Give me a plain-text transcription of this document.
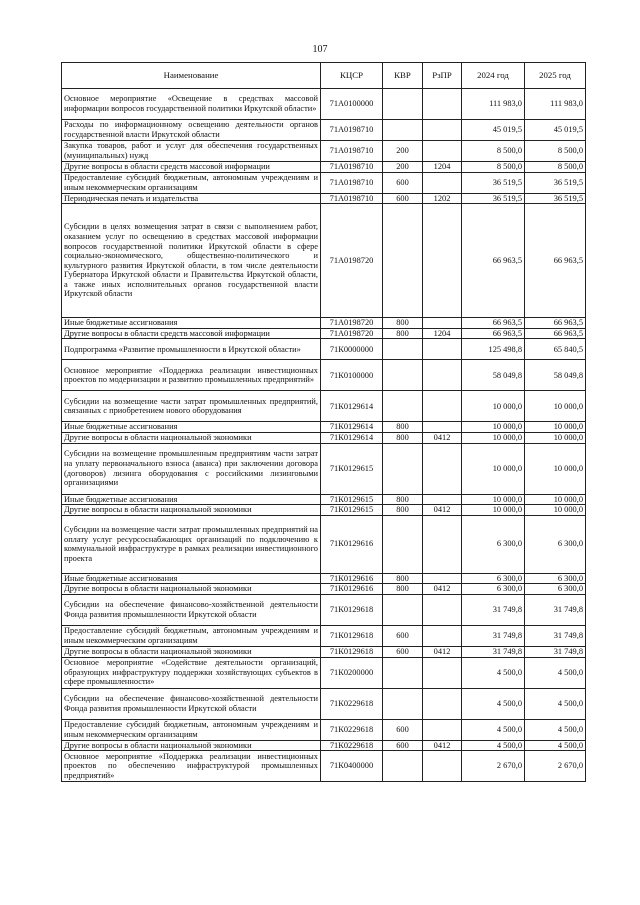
107
Наименование	КЦСР	КВР	РзПР	2024 год	2025 год
Основное мероприятие «Освещение в средствах массовой информации вопросов государственной политики Иркутской области»	71А0100000			111 983,0	111 983,0
Расходы по информационному освещению деятельности органов государственной власти Иркутской области	71А0198710			45 019,5	45 019,5
Закупка товаров, работ и услуг для обеспечения государственных (муниципальных) нужд	71А0198710	200		8 500,0	8 500,0
Другие вопросы в области средств массовой информации	71А0198710	200	1204	8 500,0	8 500,0
Предоставление субсидий бюджетным, автономным учреждениям и иным некоммерческим организациям	71А0198710	600		36 519,5	36 519,5
Периодическая печать и издательства	71А0198710	600	1202	36 519,5	36 519,5
Субсидии в целях возмещения затрат в связи с выполнением работ, оказанием услуг по освещению в средствах массовой информации вопросов государственной политики Иркутской области в сфере социально-экономического, общественно-политического и культурного развития Иркутской области, в том числе деятельности Губернатора Иркутской области и Правительства Иркутской области, а также иных исполнительных органов государственной власти Иркутской области	71А0198720			66 963,5	66 963,5
Иные бюджетные ассигнования	71А0198720	800		66 963,5	66 963,5
Другие вопросы в области средств массовой информации	71А0198720	800	1204	66 963,5	66 963,5
Подпрограмма «Развитие промышленности в Иркутской области»	71К0000000			125 498,8	65 840,5
Основное мероприятие «Поддержка реализации инвестиционных проектов по модернизации и развитию промышленных предприятий»	71К0100000			58 049,8	58 049,8
Субсидии на возмещение части затрат промышленных предприятий, связанных с приобретением нового оборудования	71К0129614			10 000,0	10 000,0
Иные бюджетные ассигнования	71К0129614	800		10 000,0	10 000,0
Другие вопросы в области национальной экономики	71К0129614	800	0412	10 000,0	10 000,0
Субсидии на возмещение промышленным предприятиям части затрат на уплату первоначального взноса (аванса) при заключении договора (договоров) лизинга оборудования с российскими лизинговыми организациями	71К0129615			10 000,0	10 000,0
Иные бюджетные ассигнования	71К0129615	800		10 000,0	10 000,0
Другие вопросы в области национальной экономики	71К0129615	800	0412	10 000,0	10 000,0
Субсидии на возмещение части затрат промышленных предприятий на оплату услуг ресурсоснабжающих организаций по подключению к коммунальной инфраструктуре в рамках реализации инвестиционного проекта	71К0129616			6 300,0	6 300,0
Иные бюджетные ассигнования	71К0129616	800		6 300,0	6 300,0
Другие вопросы в области национальной экономики	71К0129616	800	0412	6 300,0	6 300,0
Субсидии на обеспечение финансово-хозяйственной деятельности Фонда развития промышленности Иркутской области	71К0129618			31 749,8	31 749,8
Предоставление субсидий бюджетным, автономным учреждениям и иным некоммерческим организациям	71К0129618	600		31 749,8	31 749,8
Другие вопросы в области национальной экономики	71К0129618	600	0412	31 749,8	31 749,8
Основное мероприятие «Содействие деятельности организаций, образующих инфраструктуру поддержки хозяйствующих субъектов в сфере промышленности»	71К0200000			4 500,0	4 500,0
Субсидии на обеспечение финансово-хозяйственной деятельности Фонда развития промышленности Иркутской области	71К0229618			4 500,0	4 500,0
Предоставление субсидий бюджетным, автономным учреждениям и иным некоммерческим организациям	71К0229618	600		4 500,0	4 500,0
Другие вопросы в области национальной экономики	71К0229618	600	0412	4 500,0	4 500,0
Основное мероприятие «Поддержка реализации инвестиционных проектов по обеспечению инфраструктурой промышленных предприятий»	71К0400000			2 670,0	2 670,0
